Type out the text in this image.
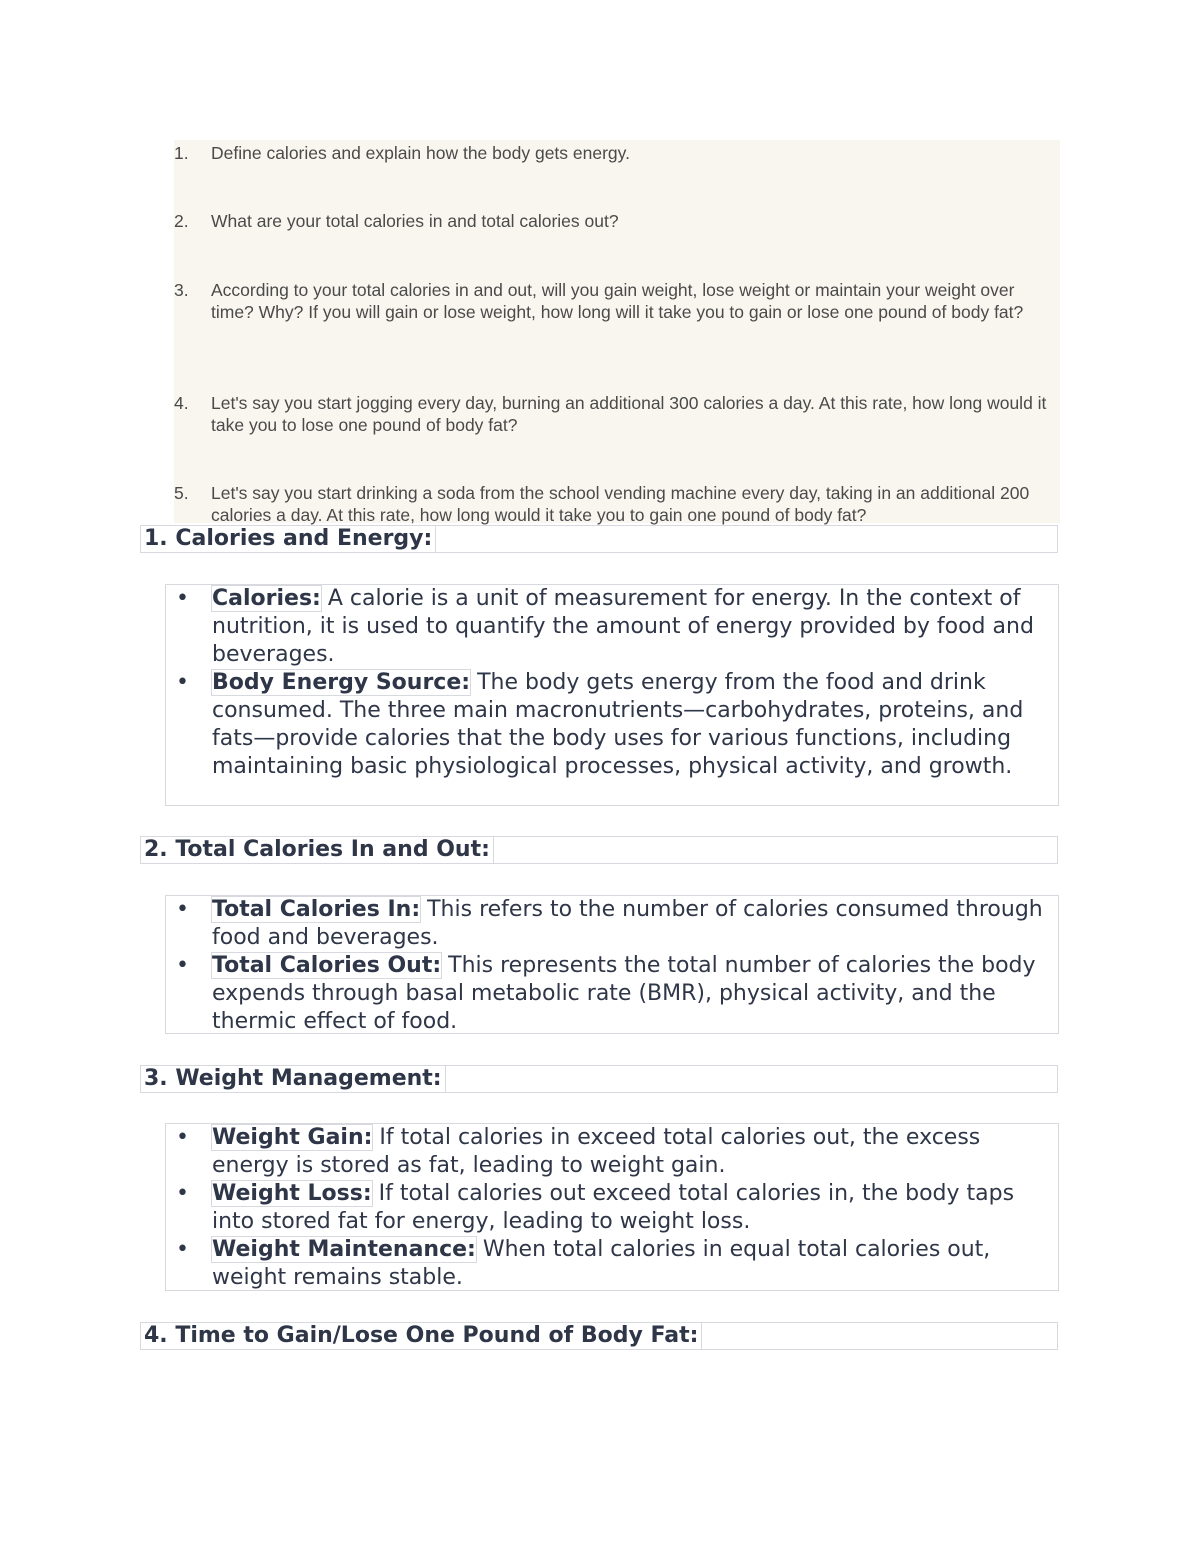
1.	Define calories and explain how the body gets energy.
2.	What are your total calories in and total calories out?
3.	According to your total calories in and out, will you gain weight, lose weight or maintain your weight over time? Why? If you will gain or lose weight, how long will it take you to gain or lose one pound of body fat?
4.	Let's say you start jogging every day, burning an additional 300 calories a day. At this rate, how long would it take you to lose one pound of body fat?
5.	Let's say you start drinking a soda from the school vending machine every day, taking in an additional 200 calories a day. At this rate, how long would it take you to gain one pound of body fat?
1. Calories and Energy:
• Calories: A calorie is a unit of measurement for energy. In the context of nutrition, it is used to quantify the amount of energy provided by food and beverages.
• Body Energy Source: The body gets energy from the food and drink consumed. The three main macronutrients—carbohydrates, proteins, and fats—provide calories that the body uses for various functions, including maintaining basic physiological processes, physical activity, and growth.
2. Total Calories In and Out:
• Total Calories In: This refers to the number of calories consumed through food and beverages.
• Total Calories Out: This represents the total number of calories the body expends through basal metabolic rate (BMR), physical activity, and the thermic effect of food.
3. Weight Management:
• Weight Gain: If total calories in exceed total calories out, the excess energy is stored as fat, leading to weight gain.
• Weight Loss: If total calories out exceed total calories in, the body taps into stored fat for energy, leading to weight loss.
• Weight Maintenance: When total calories in equal total calories out, weight remains stable.
4. Time to Gain/Lose One Pound of Body Fat:
